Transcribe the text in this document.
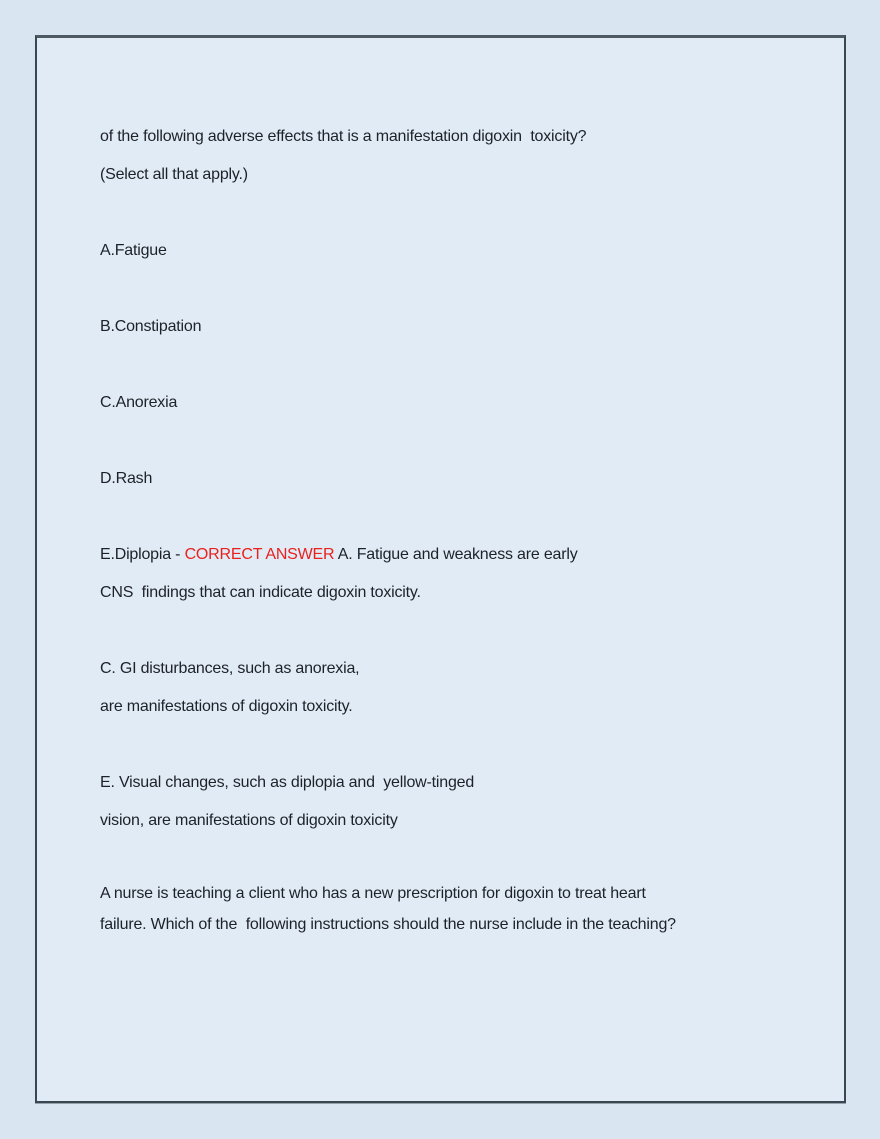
of the following adverse effects that is a manifestation digoxin  toxicity?
(Select all that apply.)
A.Fatigue
B.Constipation
C.Anorexia
D.Rash
E.Diplopia - CORRECT ANSWER A. Fatigue and weakness are early
CNS  findings that can indicate digoxin toxicity.
C. GI disturbances, such as anorexia,
are manifestations of digoxin toxicity.
E. Visual changes, such as diplopia and  yellow-tinged
vision, are manifestations of digoxin toxicity
A nurse is teaching a client who has a new prescription for digoxin to treat heart
failure. Which of the  following instructions should the nurse include in the teaching?
